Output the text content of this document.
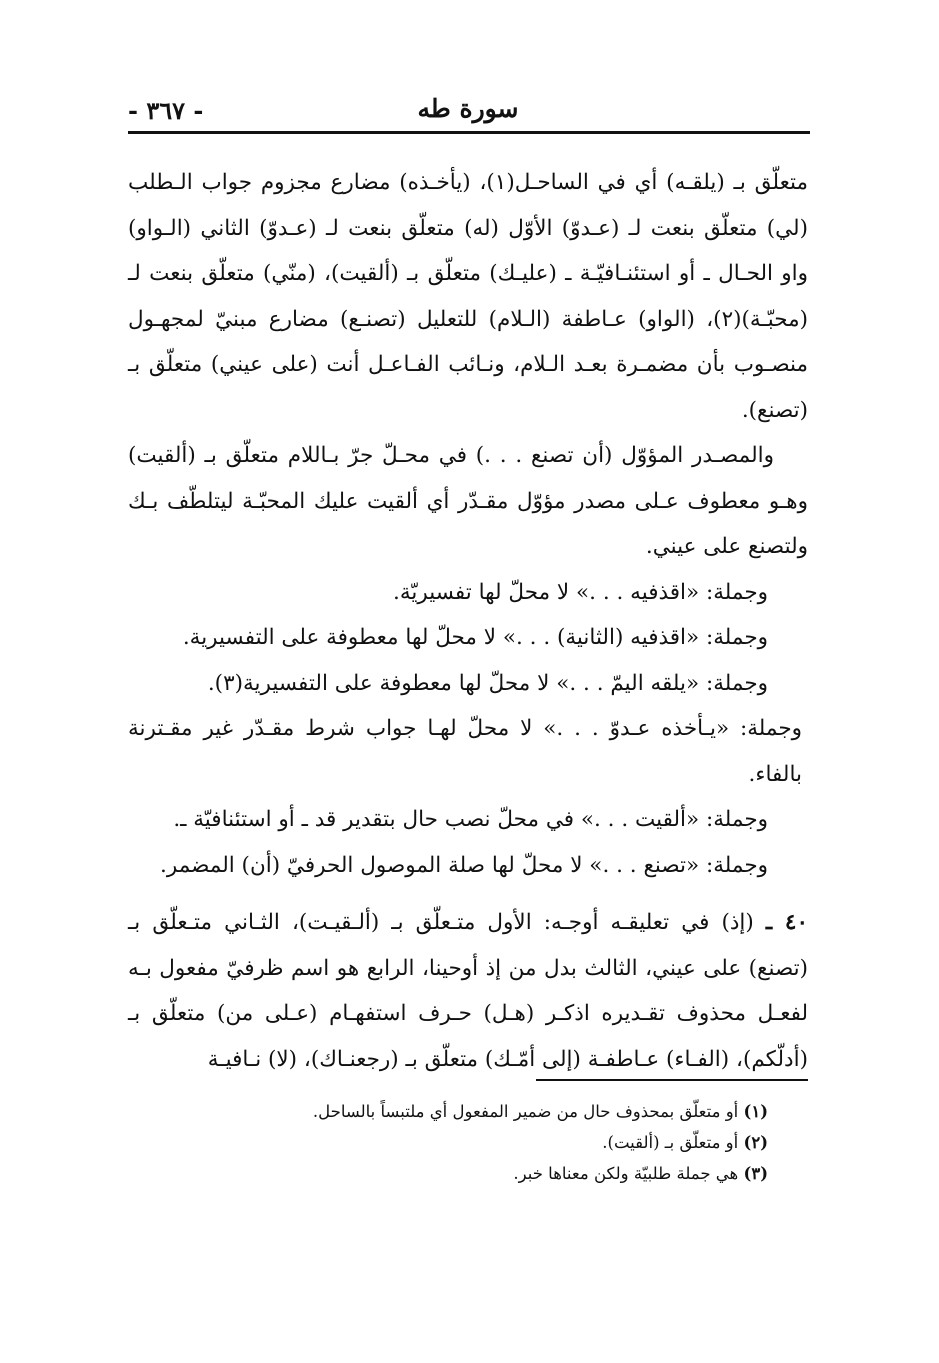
سورة طه
- ٣٦٧ -

متعلّق بـ (يلقـه) أي في الساحـل(١)، (يأخـذه) مضارع مجزوم جواب الـطلب (لي) متعلّق بنعت لـ (عـدوّ) الأوّل (له) متعلّق بنعت لـ (عـدوّ) الثاني (الـواو) واو الحـال ـ أو استئنـافيّـة ـ (عليـك) متعلّق بـ (ألقيت)، (منّي) متعلّق بنعت لـ (محبّـة)(٢)، (الواو) عـاطفة (الـلام) للتعليل (تصنـع) مضارع مبنيّ لمجهـول منصـوب بأن مضمـرة بعـد الـلام، ونـائب الفـاعـل أنت (على عيني) متعلّق بـ (تصنع).

والمصـدر المؤوّل (أن تصنع . . .) في محـلّ جرّ بـاللام متعلّق بـ (ألقيت) وهـو معطوف عـلى مصدر مؤوّل مقـدّر أي ألقيت عليك المحبّـة ليتلطّف بـك ولتصنع على عيني.

وجملة: «اقذفيه . . .» لا محلّ لها تفسيريّة.

وجملة: «اقذفيه (الثانية) . . .» لا محلّ لها معطوفة على التفسيرية.

وجملة: «يلقه اليمّ . . .» لا محلّ لها معطوفة على التفسيرية(٣).

وجملة: «يـأخذه عـدوّ . . .» لا محلّ لهـا جواب شرط مقـدّر غير مقـترنة بالفاء.

وجملة: «ألقيت . . .» في محلّ نصب حال بتقدير قد ـ أو استئنافيّة ـ.

وجملة: «تصنع . . .» لا محلّ لها صلة الموصول الحرفيّ (أن) المضمر.

٤٠ ـ (إذ) في تعليقـه أوجـه: الأول متـعلّق بـ (ألـقيـت)، الثـاني متـعلّق بـ (تصنع) على عيني، الثالث بدل من إذ أوحينا، الرابع هو اسم ظرفيّ مفعول بـه لفعـل محذوف تقـديره اذكـر (هـل) حـرف استفهـام (عـلى من) متعلّق بـ (أدلّكم)، (الفـاء) عـاطفـة (إلى أمّـك) متعلّق بـ (رجعنـاك)، (لا) نـافيـة

(١) أو متعلّق بمحذوف حال من ضمير المفعول أي ملتبساً بالساحل.

(٢) أو متعلّق بـ (ألقيت).

(٣) هي جملة طلبيّة ولكن معناها خبر.
